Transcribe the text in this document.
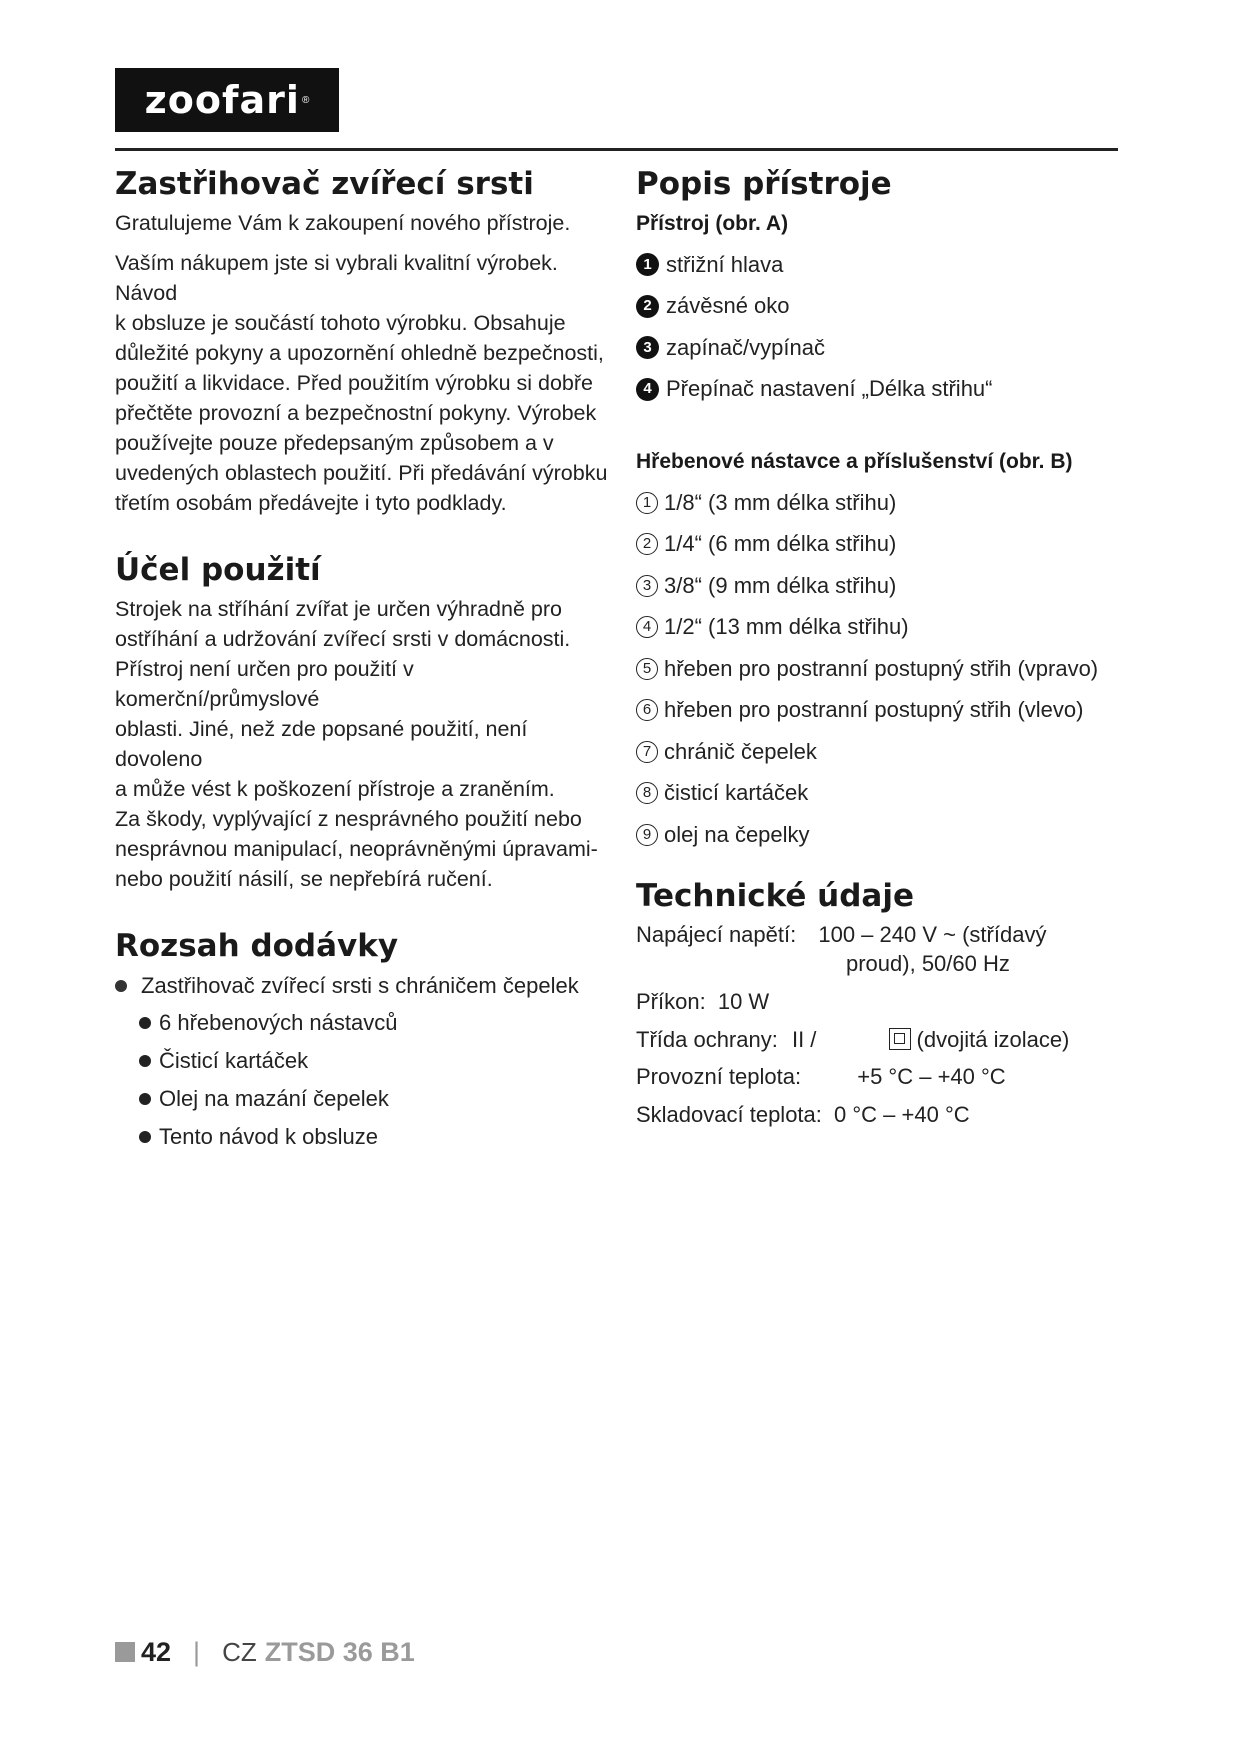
zoofari ®
Zastřihovač zvířecí srsti

Gratulujeme Vám k zakoupení nového přístroje.

Vaším nákupem jste si vybrali kvalitní výrobek. Návod

k obsluze je součástí tohoto výrobku. Obsahuje

důležité pokyny a upozornění ohledně bezpečnosti,

použití a likvidace. Před použitím výrobku si dobře

přečtěte provozní a bezpečnostní pokyny. Výrobek

používejte pouze předepsaným způsobem a v

uvedených oblastech použití. Při předávání výrobku

třetím osobám předávejte i tyto podklady.

Účel použití

Strojek na stříhání zvířat je určen výhradně pro

ostříhání a udržování zvířecí srsti v domácnosti.

Přístroj není určen pro použití v komerční/průmyslové

oblasti. Jiné, než zde popsané použití, není dovoleno

a může vést k poškození přístroje a zraněním.

Za škody, vyplývající z nesprávného použití nebo

nesprávnou manipulací, neoprávněnými úpravami-

nebo použití násilí, se nepřebírá ručení.

Rozsah dodávky
Zastřihovač zvířecí srsti s chráničem čepelek
6 hřebenových nástavců
Čisticí kartáček
Olej na mazání čepelek
Tento návod k obsluze
Popis přístroje

Přístroj (obr. A)

1 střižní hlava
2 závěsné oko
3 zapínač/vypínač
4 Přepínač nastavení „Délka střihu“

Hřebenové nástavce a příslušenství (obr. B)

1 1/8“ (3 mm délka střihu)
2 1/4“ (6 mm délka střihu)
3 3/8“ (9 mm délka střihu)
4 1/2“ (13 mm délka střihu)
5 hřeben pro postranní postupný střih (vpravo)
6 hřeben pro postranní postupný střih (vlevo)
7 chránič čepelek
8 čisticí kartáček
9 olej na čepelky
Technické údaje
Napájecí napětí: 100 – 240 V ~ (střídavý
proud), 50/60 Hz
Příkon: 10 W
Třída ochrany: II /	(dvojitá izolace)
Provozní teplota:	+5 °C – +40 °C
Skladovací teplota: 0 °C – +40 °C
42 | CZ ZTSD 36 B1
